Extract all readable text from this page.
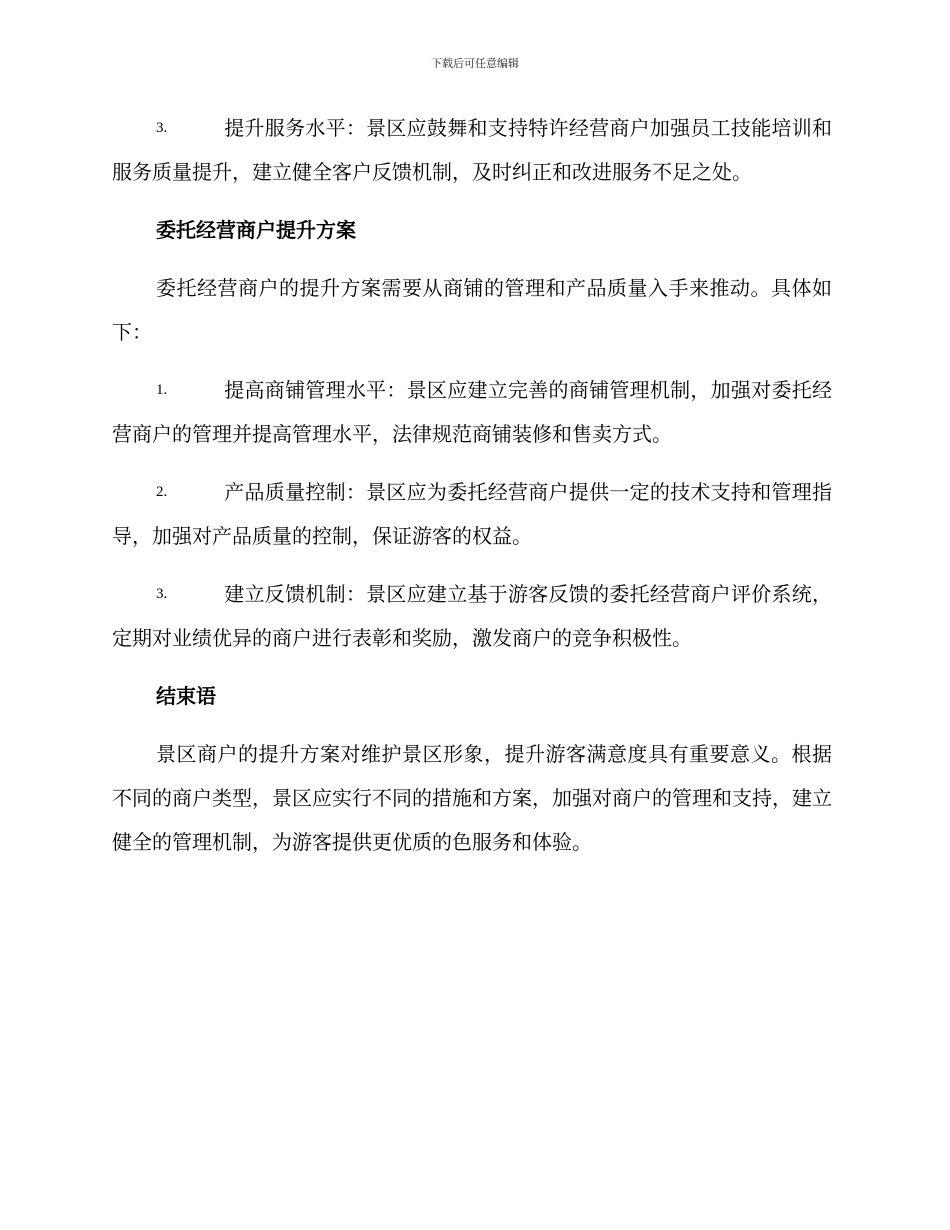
下载后可任意编辑
3.	提升服务水平：景区应鼓舞和支持特许经营商户加强员工技能培训和服务质量提升，建立健全客户反馈机制，及时纠正和改进服务不足之处。
委托经营商户提升方案
委托经营商户的提升方案需要从商铺的管理和产品质量入手来推动。具体如下：
1.	提高商铺管理水平：景区应建立完善的商铺管理机制，加强对委托经营商户的管理并提高管理水平，法律规范商铺装修和售卖方式。
2.	产品质量控制：景区应为委托经营商户提供一定的技术支持和管理指导，加强对产品质量的控制，保证游客的权益。
3.	建立反馈机制：景区应建立基于游客反馈的委托经营商户评价系统，定期对业绩优异的商户进行表彰和奖励，激发商户的竞争积极性。
结束语
景区商户的提升方案对维护景区形象，提升游客满意度具有重要意义。根据不同的商户类型，景区应实行不同的措施和方案，加强对商户的管理和支持，建立健全的管理机制，为游客提供更优质的色服务和体验。
